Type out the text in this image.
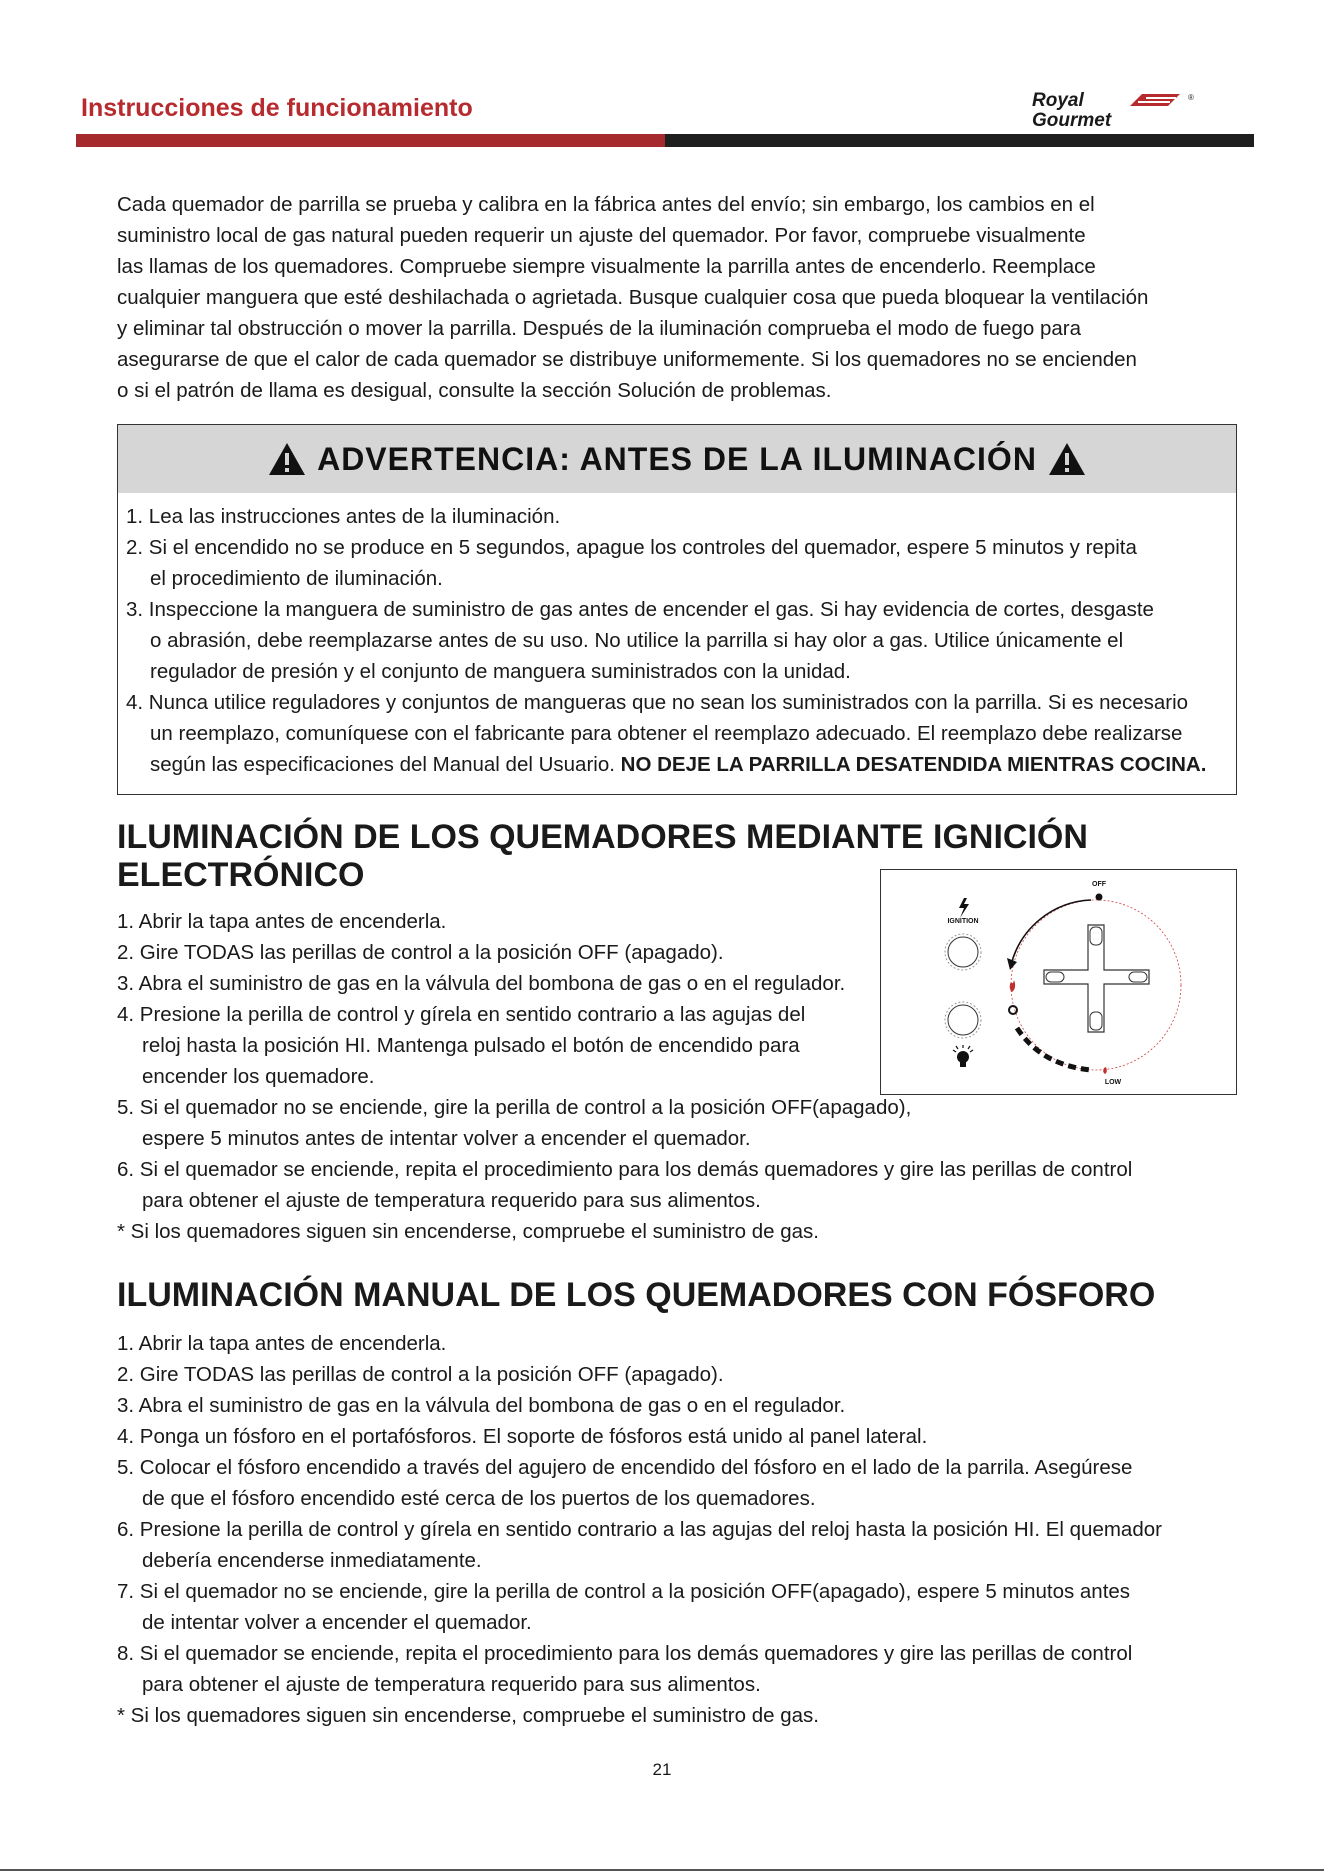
Instrucciones de funcionamiento	Royal
Gourmet
®
Cada quemador de parrilla se prueba y calibra en la fábrica antes del envío; sin embargo, los cambios en el
suministro local de gas natural pueden requerir un ajuste del quemador. Por favor, compruebe visualmente
las llamas de los quemadores. Compruebe siempre visualmente la parrilla antes de encenderlo. Reemplace
cualquier manguera que esté deshilachada o agrietada. Busque cualquier cosa que pueda bloquear la ventilación
y eliminar tal obstrucción o mover la parrilla. Después de la iluminación comprueba el modo de fuego para
asegurarse de que el calor de cada quemador se distribuye uniformemente. Si los quemadores no se encienden
o si el patrón de llama es desigual, consulte la sección Solución de problemas.
ADVERTENCIA: ANTES DE LA ILUMINACIÓN
1. Lea las instrucciones antes de la iluminación.
2. Si el encendido no se produce en 5 segundos, apague los controles del quemador, espere 5 minutos y repita
el procedimiento de iluminación.
3. Inspeccione la manguera de suministro de gas antes de encender el gas. Si hay evidencia de cortes, desgaste
o abrasión, debe reemplazarse antes de su uso. No utilice la parrilla si hay olor a gas. Utilice únicamente el
regulador de presión y el conjunto de manguera suministrados con la unidad.
4. Nunca utilice reguladores y conjuntos de mangueras que no sean los suministrados con la parrilla. Si es necesario
un reemplazo, comuníquese con el fabricante para obtener el reemplazo adecuado. El reemplazo debe realizarse
según las especificaciones del Manual del Usuario. NO DEJE LA PARRILLA DESATENDIDA MIENTRAS COCINA.
ILUMINACIÓN DE LOS QUEMADORES MEDIANTE IGNICIÓN
ELECTRÓNICO
1. Abrir la tapa antes de encenderla.
2. Gire TODAS las perillas de control a la posición OFF (apagado).
3. Abra el suministro de gas en la válvula del bombona de gas o en el regulador.
4. Presione la perilla de control y gírela en sentido contrario a las agujas del
reloj hasta la posición HI. Mantenga pulsado el botón de encendido para
encender los quemadore.
5. Si el quemador no se enciende, gire la perilla de control a la posición OFF(apagado),
espere 5 minutos antes de intentar volver a encender el quemador.
6. Si el quemador se enciende, repita el procedimiento para los demás quemadores y gire las perillas de control
para obtener el ajuste de temperatura requerido para sus alimentos.
* Si los quemadores siguen sin encenderse, compruebe el suministro de gas.
IGNITION
OFF
LOW
ILUMINACIÓN MANUAL DE LOS QUEMADORES CON FÓSFORO
1. Abrir la tapa antes de encenderla.
2. Gire TODAS las perillas de control a la posición OFF (apagado).
3. Abra el suministro de gas en la válvula del bombona de gas o en el regulador.
4. Ponga un fósforo en el portafósforos. El soporte de fósforos está unido al panel lateral.
5. Colocar el fósforo encendido a través del agujero de encendido del fósforo en el lado de la parrila. Asegúrese
de que el fósforo encendido esté cerca de los puertos de los quemadores.
6. Presione la perilla de control y gírela en sentido contrario a las agujas del reloj hasta la posición HI. El quemador
debería encenderse inmediatamente.
7. Si el quemador no se enciende, gire la perilla de control a la posición OFF(apagado), espere 5 minutos antes
de intentar volver a encender el quemador.
8. Si el quemador se enciende, repita el procedimiento para los demás quemadores y gire las perillas de control
para obtener el ajuste de temperatura requerido para sus alimentos.
* Si los quemadores siguen sin encenderse, compruebe el suministro de gas.
21
